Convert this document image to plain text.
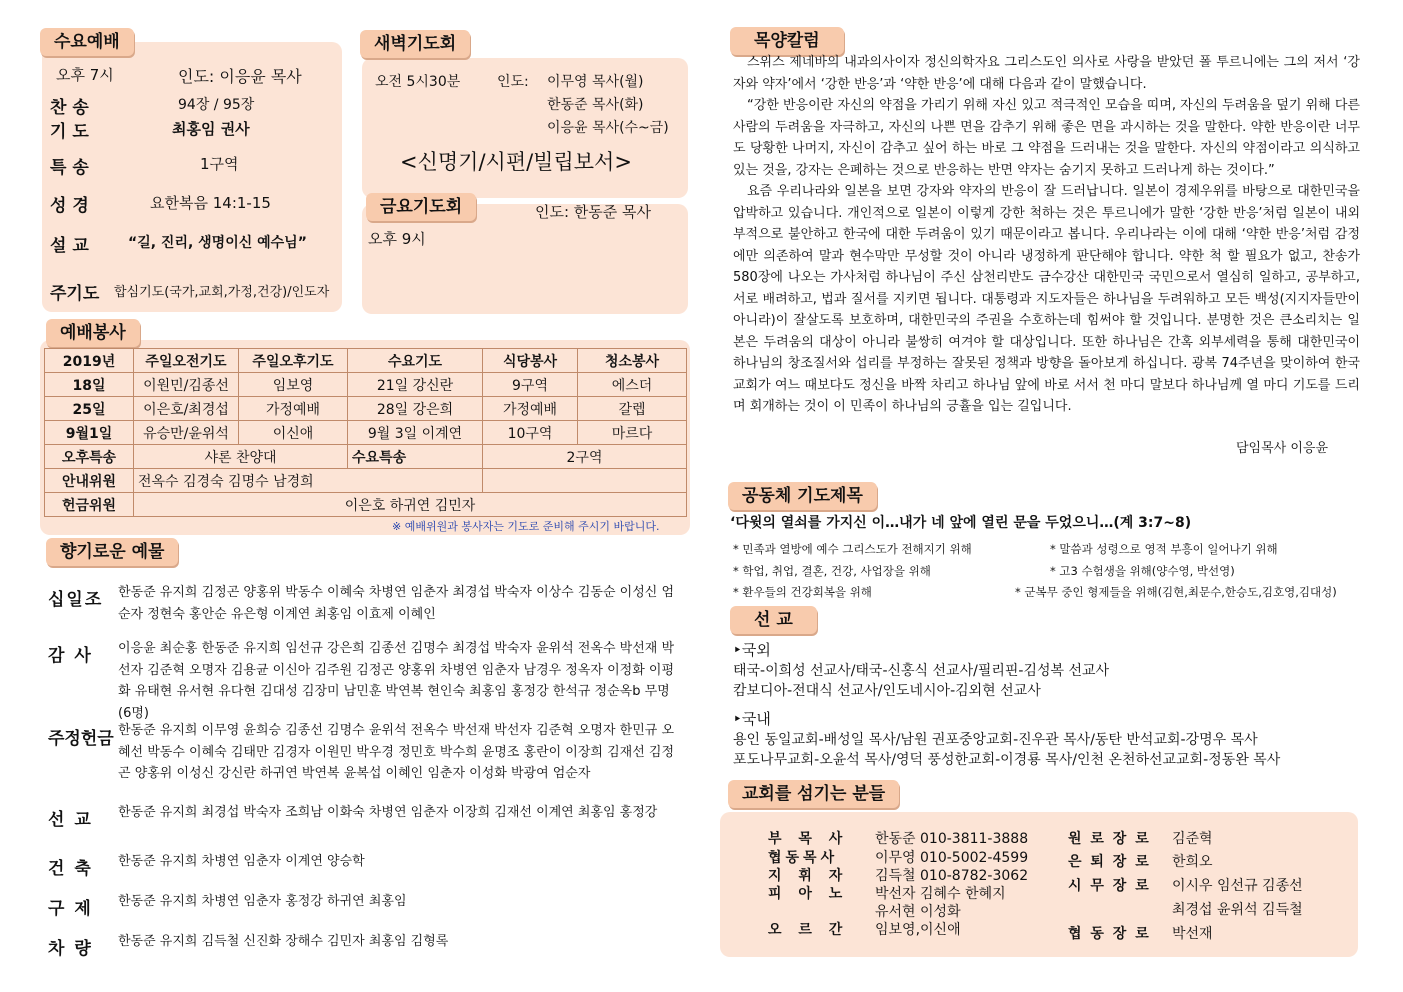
수요예배
오후 7시	인도: 이응윤 목사
찬 송	94장 / 95장
기 도	최홍임 권사
특 송	1구역
성 경	요한복음 14:1-15
설 교	“길, 진리, 생명이신 예수님”
주기도 합심기도(국가,교회,가정,건강)/인도자
새벽기도회
오전 5시30분	인도: 이무영 목사(월)
한동준 목사(화)
이응윤 목사(수~금)
<신명기/시편/빌립보서>
금요기도회	인도: 한동준 목사
오후 9시
예배봉사
2019년	주일오전기도	주일오후기도	수요기도	식당봉사	청소봉사
18일	이원민/김종선	임보영	21일 강신란	9구역	에스더
25일	이은호/최경섭	가정예배	28일 강은희	가정예배	갈렙
9월1일	유승만/윤위석	이신애	9월 3일 이계연	10구역	마르다
오후특송	샤론 찬양대		수요특송	2구역	
안내위원	전옥수 김경숙 김명수 남경희				
헌금위원	이은호 하귀연 김민자				
※ 예배위원과 봉사자는 기도로 준비해 주시기 바랍니다.
향기로운 예물
십일조 한동준 유지희 김정곤 양홍위 박동수 이혜숙 차병연 임춘자 최경섭 박숙자 이상수 김동순 이성신 엄순자 정현숙 홍안순 유은형 이계연 최홍임 이효제 이혜인
감 사 이응윤 최순홍 한동준 유지희 임선규 강은희 김종선 김명수 최경섭 박숙자 윤위석 전옥수 박선재 박선자 김준혁 오명자 김용균 이신아 김주원 김정곤 양홍위 차병연 임춘자 남경우 정옥자 이정화 이평화 유태현 유서현 유다현 김대성 김장미 남민훈 박연복 현인숙 최홍임 홍정강 한석규 정순옥b 무명(6명)
주정헌금 한동준 유지희 이무영 윤희승 김종선 김명수 윤위석 전옥수 박선재 박선자 김준혁 오명자 한민규 오혜선 박동수 이혜숙 김태만 김경자 이원민 박우경 정민호 박수희 윤명조 홍란이 이장희 김재선 김정곤 양홍위 이성신 강신란 하귀연 박연복 윤복섭 이혜인 임춘자 이성화 박광여 엄순자
선 교 한동준 유지희 최경섭 박숙자 조희남 이화숙 차병연 임춘자 이장희 김재선 이계연 최홍임 홍정강
건 축 한동준 유지희 차병연 임춘자 이계연 양승학
구 제 한동준 유지희 차병연 임춘자 홍정강 하귀연 최홍임
차 량 한동준 유지희 김득철 신진화 장해수 김민자 최홍임 김형록
목양칼럼
스위스 제네바의 내과의사이자 정신의학자요 그리스도인 의사로 사랑을 받았던 폴 투르니에는 그의 저서 ‘강자와 약자’에서 ‘강한 반응’과 ‘약한 반응’에 대해 다음과 같이 말했습니다.
“강한 반응이란 자신의 약점을 가리기 위해 자신 있고 적극적인 모습을 띠며, 자신의 두려움을 덮기 위해 다른 사람의 두려움을 자극하고, 자신의 나쁜 면을 감추기 위해 좋은 면을 과시하는 것을 말한다. 약한 반응이란 너무도 당황한 나머지, 자신이 감추고 싶어 하는 바로 그 약점을 드러내는 것을 말한다. 자신의 약점이라고 의식하고 있는 것을, 강자는 은폐하는 것으로 반응하는 반면 약자는 숨기지 못하고 드러나게 하는 것이다.”
요즘 우리나라와 일본을 보면 강자와 약자의 반응이 잘 드러납니다. 일본이 경제우위를 바탕으로 대한민국을 압박하고 있습니다. 개인적으로 일본이 이렇게 강한 척하는 것은 투르니에가 말한 ‘강한 반응’처럼 일본이 내외부적으로 불안하고 한국에 대한 두려움이 있기 때문이라고 봅니다. 우리나라는 이에 대해 ‘약한 반응’처럼 감정에만 의존하여 말과 현수막만 무성할 것이 아니라 냉정하게 판단해야 합니다. 약한 척 할 필요가 없고, 찬송가 580장에 나오는 가사처럼 하나님이 주신 삼천리반도 금수강산 대한민국 국민으로서 열심히 일하고, 공부하고, 서로 배려하고, 법과 질서를 지키면 됩니다. 대통령과 지도자들은 하나님을 두려워하고 모든 백성(지지자들만이 아니라)이 잘살도록 보호하며, 대한민국의 주권을 수호하는데 힘써야 할 것입니다. 분명한 것은 큰소리치는 일본은 두려움의 대상이 아니라 불쌍히 여겨야 할 대상입니다. 또한 하나님은 간혹 외부세력을 통해 대한민국이 하나님의 창조질서와 섭리를 부정하는 잘못된 정책과 방향을 돌아보게 하십니다. 광복 74주년을 맞이하여 한국교회가 여느 때보다도 정신을 바짝 차리고 하나님 앞에 바로 서서 천 마디 말보다 하나님께 열 마디 기도를 드리며 회개하는 것이 이 민족이 하나님의 긍휼을 입는 길입니다.
담임목사 이응윤
공동체 기도제목
‘다윗의 열쇠를 가지신 이…내가 네 앞에 열린 문을 두었으니…(계 3:7~8)
* 민족과 열방에 예수 그리스도가 전해지기 위해	* 말씀과 성령으로 영적 부흥이 일어나기 위해
* 학업, 취업, 결혼, 건강, 사업장을 위해	* 고3 수험생을 위해(양수영, 박선영)
* 환우들의 건강회복을 위해	* 군복무 중인 형제들을 위해(김현,최문수,한승도,김호영,김대성)
선 교
‣국외
태국-이희성 선교사/태국-신홍식 선교사/필리핀-김성복 선교사
캄보디아-전대식 선교사/인도네시아-김외현 선교사
‣국내
용인 동일교회-배성일 목사/남원 권포중앙교회-진우관 목사/동탄 반석교회-강명우 목사
포도나무교회-오윤석 목사/영덕 풍성한교회-이경룡 목사/인천 온천하선교교회-정동완 목사
교회를 섬기는 분들
부 목 사 한동준 010-3811-3888
협동목사	이무영 010-5002-4599
지 휘 자 김득철 010-8782-3062
피 아 노 박선자 김혜수 한혜지
유서현 이성화
오 르 간 임보영,이신애
원 로 장 로 김준혁
은 퇴 장 로 한희오
시 무 장 로 이시우 임선규 김종선
최경섭 윤위석 김득철
협 동 장 로 박선재
